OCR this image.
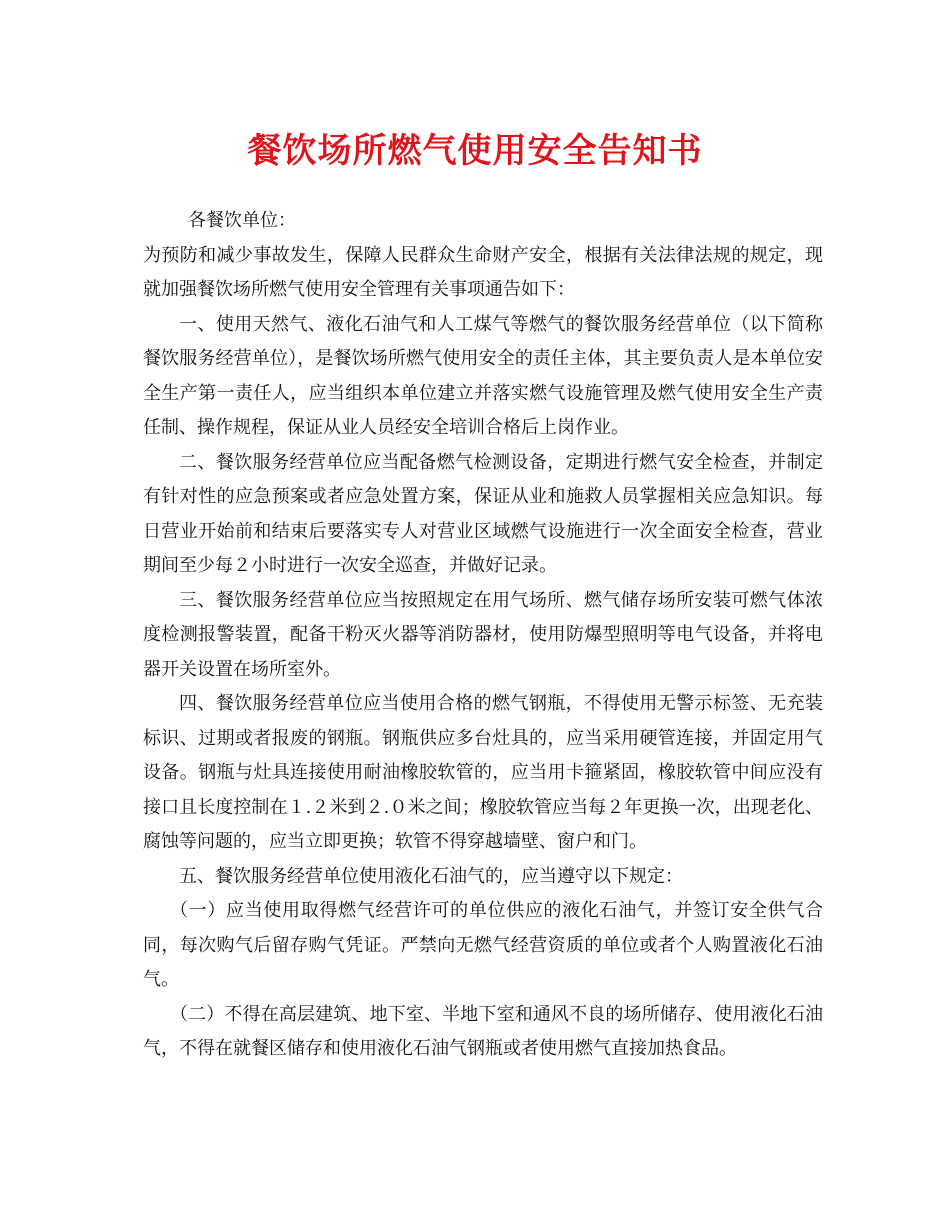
餐饮场所燃气使用安全告知书

各餐饮单位：

为预防和减少事故发生，保障人民群众生命财产安全，根据有关法律法规的规定，现就加强餐饮场所燃气使用安全管理有关事项通告如下：

一、使用天然气、液化石油气和人工煤气等燃气的餐饮服务经营单位（以下简称餐饮服务经营单位），是餐饮场所燃气使用安全的责任主体，其主要负责人是本单位安全生产第一责任人，应当组织本单位建立并落实燃气设施管理及燃气使用安全生产责任制、操作规程，保证从业人员经安全培训合格后上岗作业。

二、餐饮服务经营单位应当配备燃气检测设备，定期进行燃气安全检查，并制定有针对性的应急预案或者应急处置方案，保证从业和施救人员掌握相关应急知识。每日营业开始前和结束后要落实专人对营业区域燃气设施进行一次全面安全检查，营业期间至少每２小时进行一次安全巡查，并做好记录。

三、餐饮服务经营单位应当按照规定在用气场所、燃气储存场所安装可燃气体浓度检测报警装置，配备干粉灭火器等消防器材，使用防爆型照明等电气设备，并将电器开关设置在场所室外。

四、餐饮服务经营单位应当使用合格的燃气钢瓶，不得使用无警示标签、无充装标识、过期或者报废的钢瓶。钢瓶供应多台灶具的，应当采用硬管连接，并固定用气设备。钢瓶与灶具连接使用耐油橡胶软管的，应当用卡箍紧固，橡胶软管中间应没有接口且长度控制在１.２米到２.０米之间；橡胶软管应当每２年更换一次，出现老化、腐蚀等问题的，应当立即更换；软管不得穿越墙壁、窗户和门。

五、餐饮服务经营单位使用液化石油气的，应当遵守以下规定：

（一）应当使用取得燃气经营许可的单位供应的液化石油气，并签订安全供气合同，每次购气后留存购气凭证。严禁向无燃气经营资质的单位或者个人购置液化石油气。

（二）不得在高层建筑、地下室、半地下室和通风不良的场所储存、使用液化石油气，不得在就餐区储存和使用液化石油气钢瓶或者使用燃气直接加热食品。
